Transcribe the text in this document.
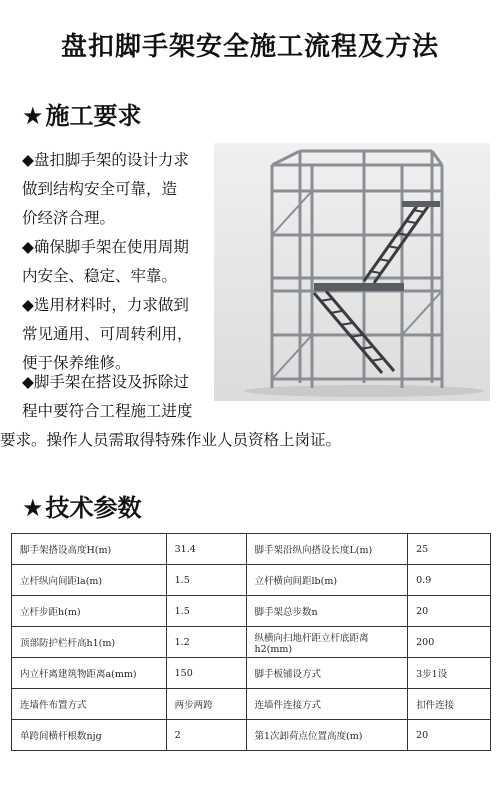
盘扣脚手架安全施工流程及方法
★施工要求

◆盘扣脚手架的设计力求

做到结构安全可靠，造

价经济合理。

◆确保脚手架在使用周期

内安全、稳定、牢靠。

◆选用材料时，力求做到

常见通用、可周转利用，

便于保养维修。

◆脚手架在搭设及拆除过

程中要符合工程施工进度

要求。操作人员需取得特殊作业人员资格上岗证。

★技术参数
脚手架搭设高度H(m)	31.4	脚手架沿纵向搭设长度L(m)	25
立杆纵向间距la(m)	1.5	立杆横向间距lb(m)	0.9
立杆步距h(m)	1.5	脚手架总步数n	20
顶部防护栏杆高h1(m)	1.2	纵横向扫地杆距立杆底距离h2(mm)	200
内立杆离建筑物距离a(mm)	150	脚手板铺设方式	3步1设
连墙件布置方式	两步两跨	连墙件连接方式	扣件连接
单跨间横杆根数njg	2	第1次卸荷点位置高度(m)	20
